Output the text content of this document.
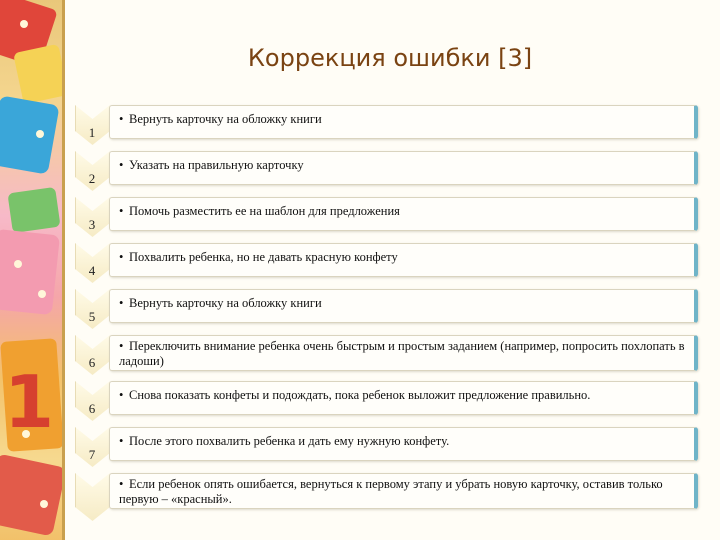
1
Коррекция ошибки [3]
1
• Вернуть карточку на обложку книги
2
• Указать на правильную карточку
3
• Помочь разместить ее на шаблон для предложения
4
• Похвалить ребенка, но не давать красную конфету
5
• Вернуть карточку на обложку книги
6
• Переключить внимание ребенка очень быстрым и простым заданием (например, попросить похлопать в ладоши)
6
• Снова показать конфеты и подождать, пока ребенок выложит предложение правильно.
7
• После этого похвалить ребенка и дать ему нужную конфету.
• Если ребенок опять ошибается, вернуться к первому этапу и убрать новую карточку, оставив только первую – «красный».
